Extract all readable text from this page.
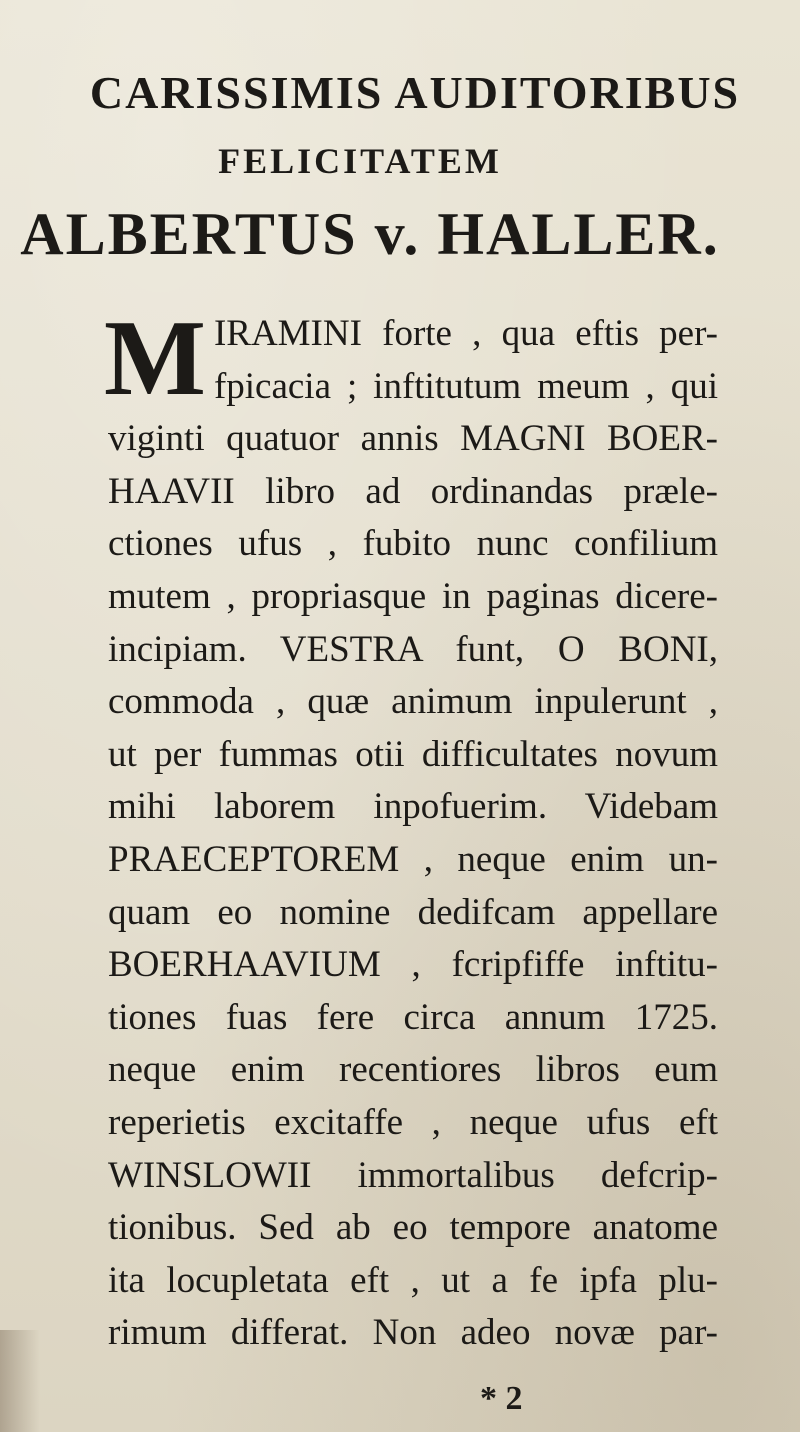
CARISSIMIS AUDITORIBUS
FELICITATEM
ALBERTUS v. HALLER.
M IRAMINI forte , qua eftis per-
fpicacia ; inftitutum meum , qui
viginti quatuor annis MAGNI BOER-
HAAVII libro ad ordinandas præle-
ctiones ufus , fubito nunc confilium
mutem , propriasque in paginas dicere-
incipiam. VESTRA funt, O BONI,
commoda , quæ animum inpulerunt ,
ut per fummas otii difficultates novum
mihi laborem inpofuerim. Videbam
PRAECEPTOREM , neque enim un-
quam eo nomine dedifcam appellare
BOERHAAVIUM , fcripfiffe inftitu-
tiones fuas fere circa annum 1725.
neque enim recentiores libros eum
reperietis excitaffe , neque ufus eft
WINSLOWII immortalibus defcrip-
tionibus. Sed ab eo tempore anatome
ita locupletata eft , ut a fe ipfa plu-
rimum differat. Non adeo novæ par-
* 2
